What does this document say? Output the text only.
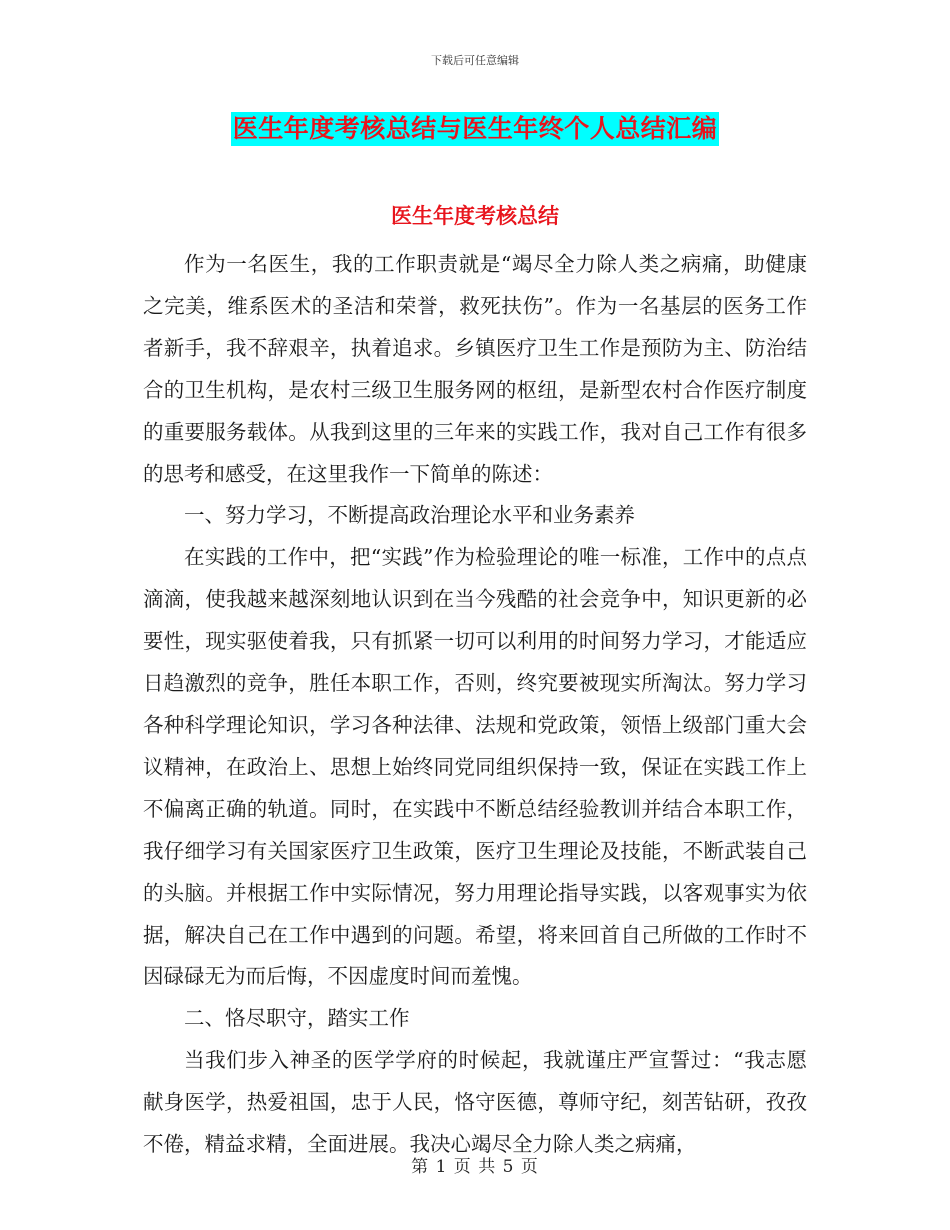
下载后可任意编辑
医生年度考核总结与医生年终个人总结汇编
医生年度考核总结

作为一名医生，我的工作职责就是“竭尽全力除人类之病痛，助健康之完美，维系医术的圣洁和荣誉，救死扶伤”。作为一名基层的医务工作者新手，我不辞艰辛，执着追求。乡镇医疗卫生工作是预防为主、防治结合的卫生机构，是农村三级卫生服务网的枢纽，是新型农村合作医疗制度的重要服务载体。从我到这里的三年来的实践工作，我对自己工作有很多的思考和感受，在这里我作一下简单的陈述：

一、努力学习，不断提高政治理论水平和业务素养

在实践的工作中，把“实践”作为检验理论的唯一标准，工作中的点点滴滴，使我越来越深刻地认识到在当今残酷的社会竞争中，知识更新的必要性，现实驱使着我，只有抓紧一切可以利用的时间努力学习，才能适应日趋激烈的竞争，胜任本职工作，否则，终究要被现实所淘汰。努力学习各种科学理论知识，学习各种法律、法规和党政策，领悟上级部门重大会议精神，在政治上、思想上始终同党同组织保持一致，保证在实践工作上不偏离正确的轨道。同时，在实践中不断总结经验教训并结合本职工作，我仔细学习有关国家医疗卫生政策，医疗卫生理论及技能，不断武装自己的头脑。并根据工作中实际情况，努力用理论指导实践，以客观事实为依据，解决自己在工作中遇到的问题。希望，将来回首自己所做的工作时不因碌碌无为而后悔，不因虚度时间而羞愧。

二、恪尽职守，踏实工作

当我们步入神圣的医学学府的时候起，我就谨庄严宣誓过：“我志愿献身医学，热爱祖国，忠于人民，恪守医德，尊师守纪，刻苦钻研，孜孜不倦，精益求精，全面进展。我决心竭尽全力除人类之病痛，

第 1 页 共 5 页
